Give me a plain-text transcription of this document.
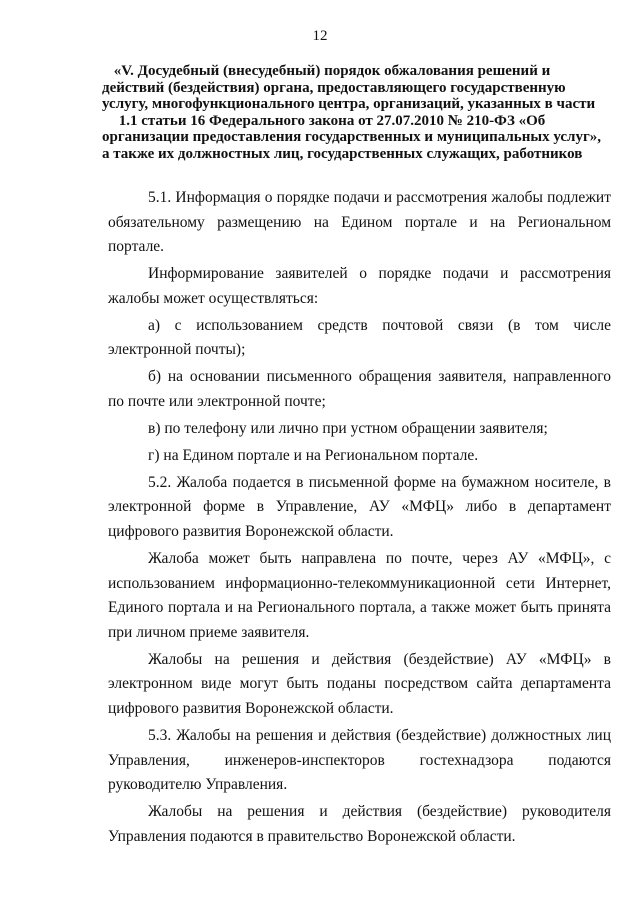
12
«V. Досудебный (внесудебный) порядок обжалования решений и
действий (бездействия) органа, предоставляющего государственную
услугу, многофункционального центра, организаций, указанных в части
1.1 статьи 16 Федерального закона от 27.07.2010 № 210-ФЗ «Об
организации предоставления государственных и муниципальных услуг»,
а также их должностных лиц, государственных служащих, работников

5.1. Информация о порядке подачи и рассмотрения жалобы подлежит обязательному размещению на Едином портале и на Региональном портале.

Информирование заявителей о порядке подачи и рассмотрения жалобы может осуществляться:

а) с использованием средств почтовой связи (в том числе электронной почты);

б) на основании письменного обращения заявителя, направленного по почте или электронной почте;

в) по телефону или лично при устном обращении заявителя;

г) на Едином портале и на Региональном портале.

5.2. Жалоба подается в письменной форме на бумажном носителе, в электронной форме в Управление, АУ «МФЦ» либо в департамент цифрового развития Воронежской области.

Жалоба может быть направлена по почте, через АУ «МФЦ», с использованием информационно-телекоммуникационной сети Интернет, Единого портала и на Регионального портала, а также может быть принята при личном приеме заявителя.

Жалобы на решения и действия (бездействие) АУ «МФЦ» в электронном виде могут быть поданы посредством сайта департамента цифрового развития Воронежской области.

5.3. Жалобы на решения и действия (бездействие) должностных лиц Управления, инженеров-инспекторов гостехнадзора подаются руководителю Управления.

Жалобы на решения и действия (бездействие) руководителя Управления подаются в правительство Воронежской области.
